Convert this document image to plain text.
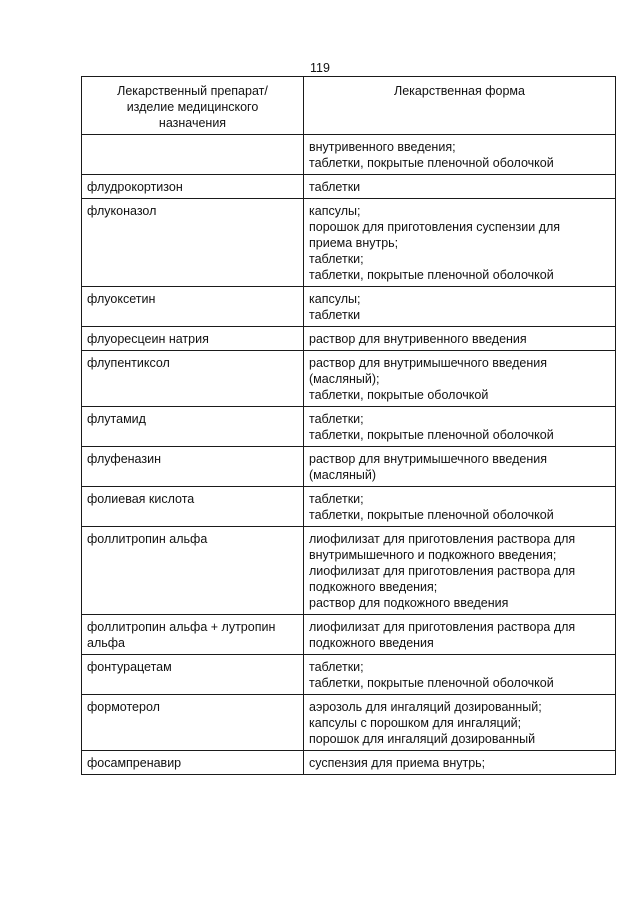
119
Лекарственный препарат/
изделие медицинского
назначения	Лекарственная форма

	внутривенного введения;
таблетки, покрытые пленочной оболочкой

флудрокортизон	таблетки

флуконазол	капсулы;
порошок для приготовления суспензии для
приема внутрь;
таблетки;
таблетки, покрытые пленочной оболочкой

флуоксетин	капсулы;
таблетки

флуоресцеин натрия	раствор для внутривенного введения

флупентиксол	раствор для внутримышечного введения
(масляный);
таблетки, покрытые оболочкой

флутамид	таблетки;
таблетки, покрытые пленочной оболочкой

флуфеназин	раствор для внутримышечного введения
(масляный)

фолиевая кислота	таблетки;
таблетки, покрытые пленочной оболочкой

фоллитропин альфа	лиофилизат для приготовления раствора для
внутримышечного и подкожного введения;
лиофилизат для приготовления раствора для
подкожного введения;
раствор для подкожного введения

фоллитропин альфа + лутропин
альфа	лиофилизат для приготовления раствора для
подкожного введения

фонтурацетам	таблетки;
таблетки, покрытые пленочной оболочкой

формотерол	аэрозоль для ингаляций дозированный;
капсулы с порошком для ингаляций;
порошок для ингаляций дозированный

фосампренавир	суспензия для приема внутрь;
